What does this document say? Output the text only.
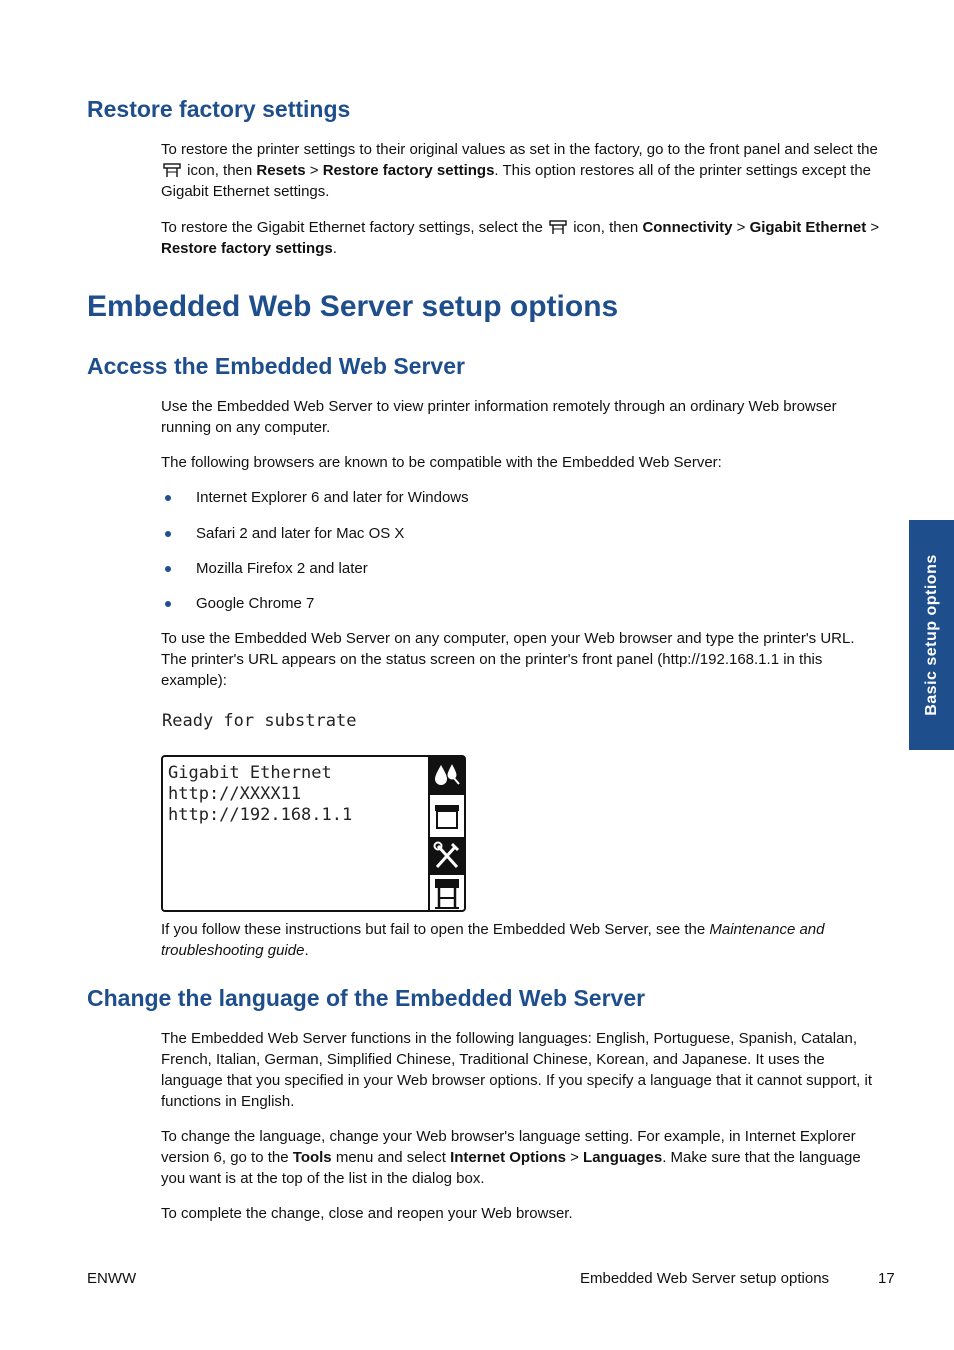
Restore factory settings

To restore the printer settings to their original values as set in the factory, go to the front panel and select the  icon, then Resets > Restore factory settings. This option restores all of the printer settings except the Gigabit Ethernet settings.

To restore the Gigabit Ethernet factory settings, select the icon, then Connectivity > Gigabit Ethernet > Restore factory settings.

Embedded Web Server setup options
Access the Embedded Web Server

Use the Embedded Web Server to view printer information remotely through an ordinary Web browser running on any computer.

The following browsers are known to be compatible with the Embedded Web Server:

Internet Explorer 6 and later for Windows
Safari 2 and later for Mac OS X
Mozilla Firefox 2 and later
Google Chrome 7

To use the Embedded Web Server on any computer, open your Web browser and type the printer's URL. The printer's URL appears on the status screen on the printer's front panel (http://192.168.1.1 in this example):

Ready for substrate
Gigabit Ethernet
http://XXXX11
http://192.168.1.1

If you follow these instructions but fail to open the Embedded Web Server, see the Maintenance and troubleshooting guide.

Change the language of the Embedded Web Server

The Embedded Web Server functions in the following languages: English, Portuguese, Spanish, Catalan, French, Italian, German, Simplified Chinese, Traditional Chinese, Korean, and Japanese. It uses the language that you specified in your Web browser options. If you specify a language that it cannot support, it functions in English.

To change the language, change your Web browser's language setting. For example, in Internet Explorer version 6, go to the Tools menu and select Internet Options > Languages. Make sure that the language you want is at the top of the list in the dialog box.

To complete the change, close and reopen your Web browser.

Basic setup options
ENWW	Embedded Web Server setup options	17
